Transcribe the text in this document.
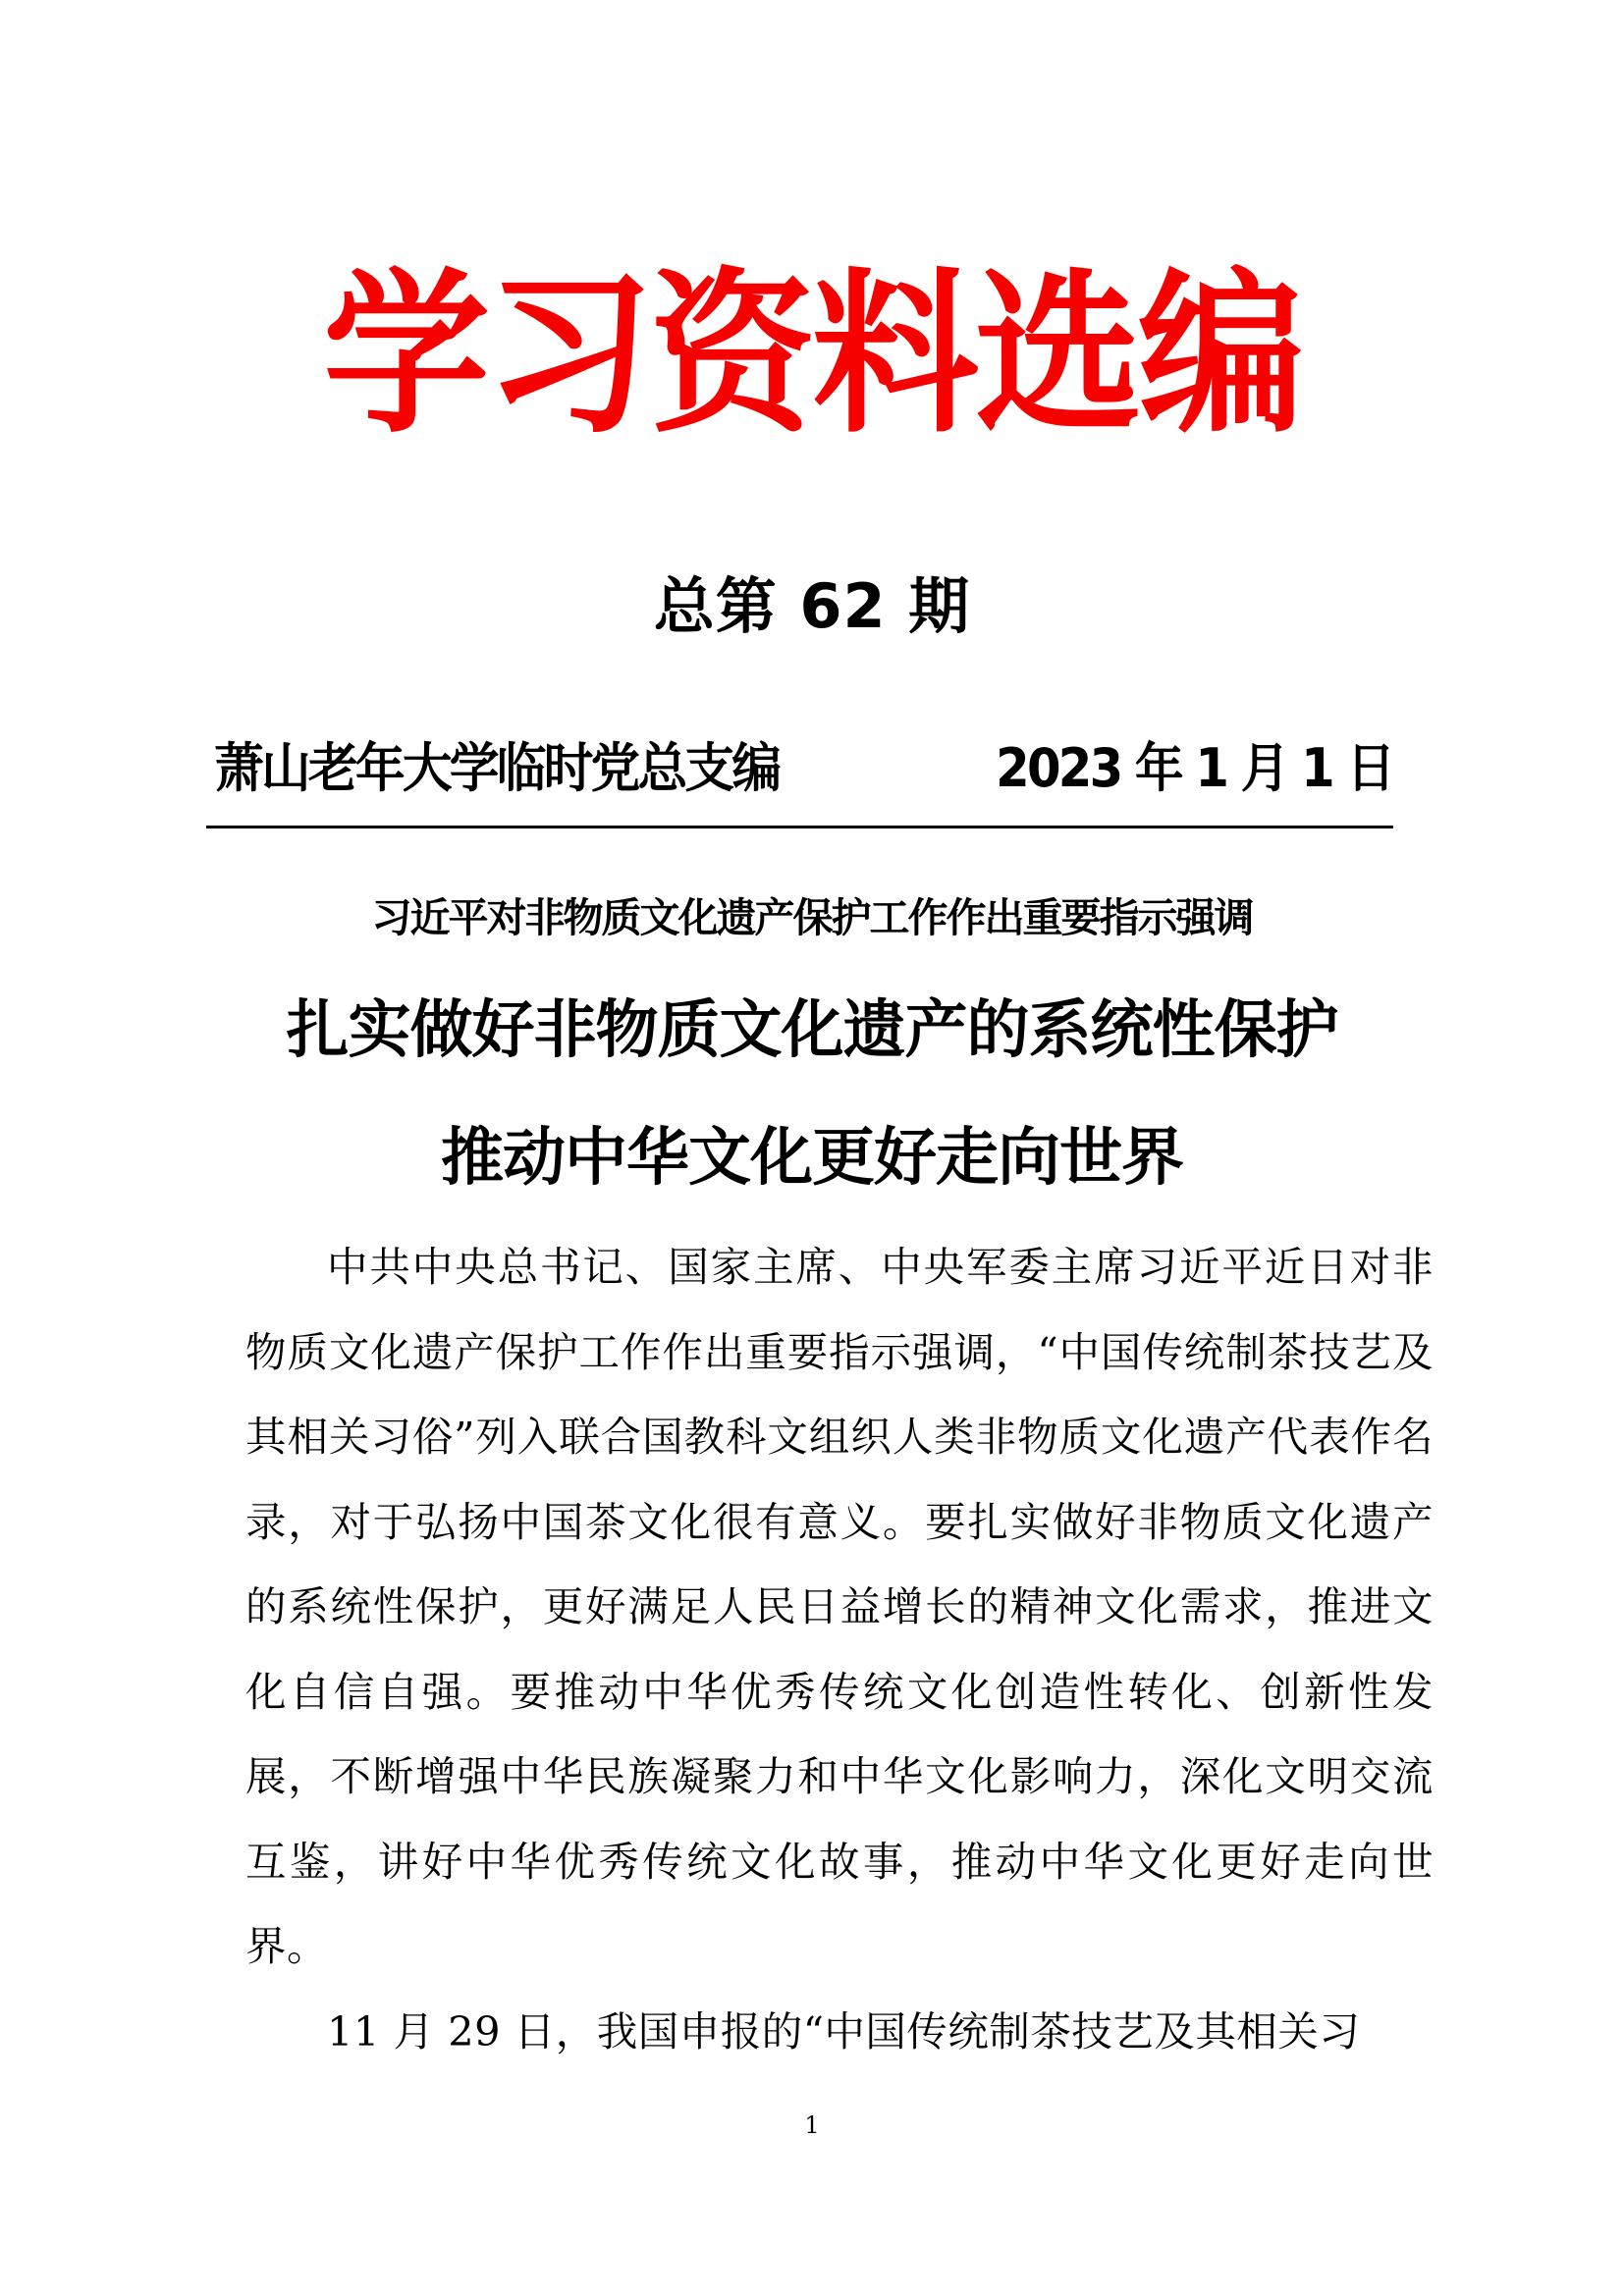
学习资料选编
总第 62 期
萧山老年大学临时党总支编	2023 年 1 月 1 日
习近平对非物质文化遗产保护工作作出重要指示强调
扎实做好非物质文化遗产的系统性保护
推动中华文化更好走向世界

中共中央总书记、国家主席、中央军委主席习近平近日对非物质文化遗产保护工作作出重要指示强调，“中国传统制茶技艺及其相关习俗”列入联合国教科文组织人类非物质文化遗产代表作名录，对于弘扬中国茶文化很有意义。要扎实做好非物质文化遗产的系统性保护，更好满足人民日益增长的精神文化需求，推进文化自信自强。要推动中华优秀传统文化创造性转化、创新性发展，不断增强中华民族凝聚力和中华文化影响力，深化文明交流互鉴，讲好中华优秀传统文化故事，推动中华文化更好走向世界。

11 月 29 日，我国申报的“中国传统制茶技艺及其相关习

1
